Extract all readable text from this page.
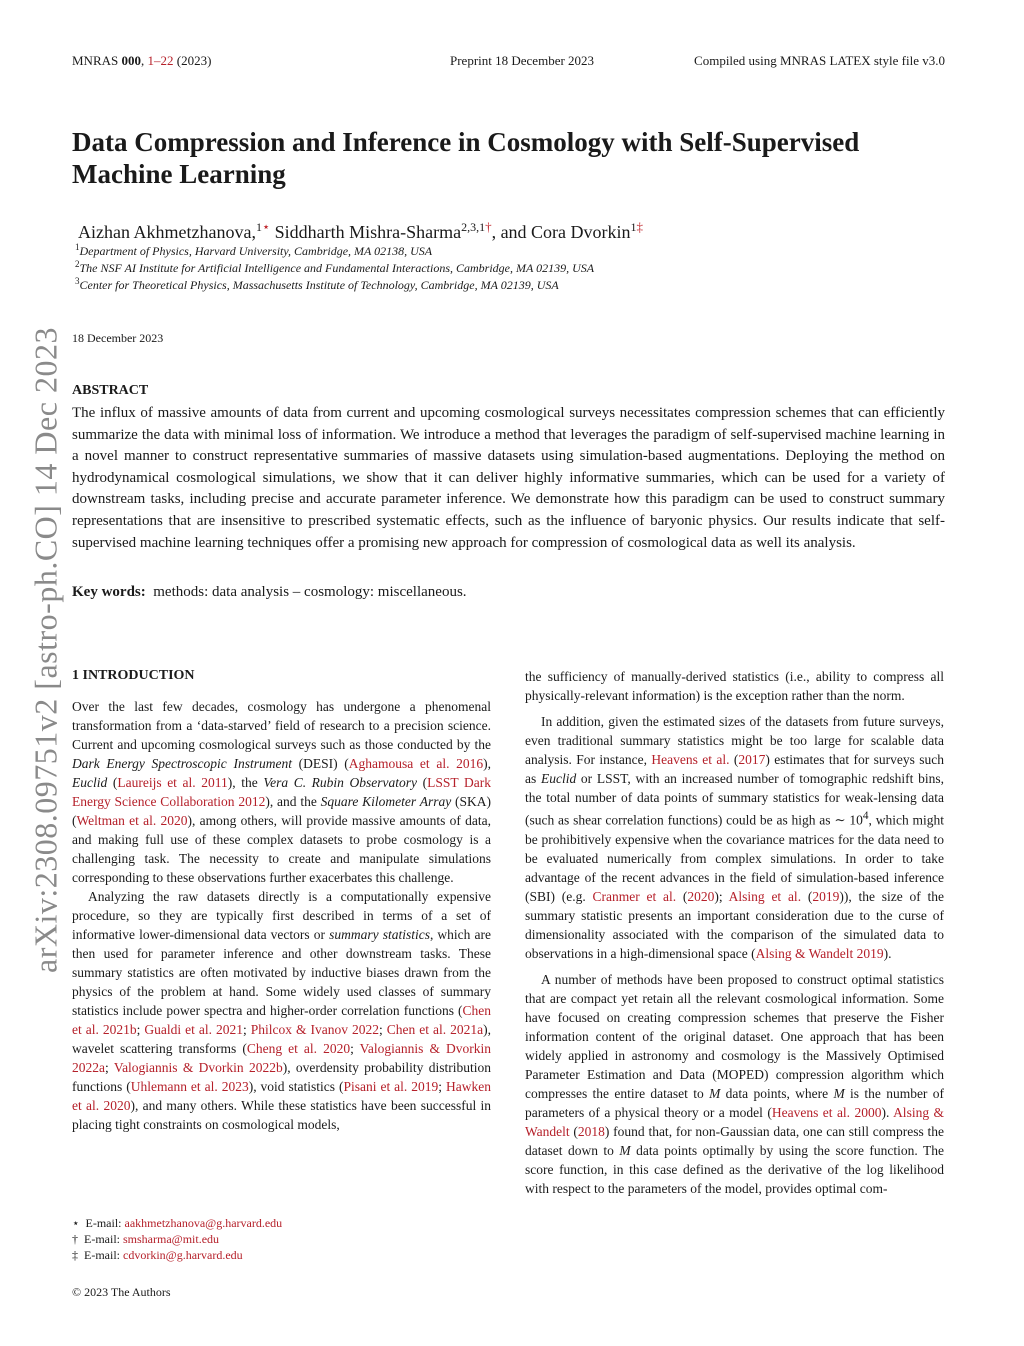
MNRAS 000, 1–22 (2023)	Preprint 18 December 2023	Compiled using MNRAS LATEX style file v3.0
arXiv:2308.09751v2 [astro-ph.CO] 14 Dec 2023
Data Compression and Inference in Cosmology with Self-Supervised Machine Learning
Aizhan Akhmetzhanova,$^{1⋆}$ Siddharth Mishra-Sharma$^{2,3,1\dagger}$, and Cora Dvorkin$^{1\ddagger}$
$^1$Department of Physics, Harvard University, Cambridge, MA 02138, USA
$^2$The NSF AI Institute for Artificial Intelligence and Fundamental Interactions, Cambridge, MA 02139, USA
$^3$Center for Theoretical Physics, Massachusetts Institute of Technology, Cambridge, MA 02139, USA
18 December 2023
ABSTRACT
The influx of massive amounts of data from current and upcoming cosmological surveys necessitates compression schemes that can efficiently summarize the data with minimal loss of information. We introduce a method that leverages the paradigm of self-supervised machine learning in a novel manner to construct representative summaries of massive datasets using simulation-based augmentations. Deploying the method on hydrodynamical cosmological simulations, we show that it can deliver highly informative summaries, which can be used for a variety of downstream tasks, including precise and accurate parameter inference. We demonstrate how this paradigm can be used to construct summary representations that are insensitive to prescribed systematic effects, such as the influence of baryonic physics. Our results indicate that self-supervised machine learning techniques offer a promising new approach for compression of cosmological data as well its analysis.
Key words: methods: data analysis – cosmology: miscellaneous.
1 INTRODUCTION

Over the last few decades, cosmology has undergone a phenomenal transformation from a ‘data-starved’ field of research to a precision science. Current and upcoming cosmological surveys such as those conducted by the Dark Energy Spectroscopic Instrument (DESI) (Aghamousa et al. 2016), Euclid (Laureijs et al. 2011), the Vera C. Rubin Observatory (LSST Dark Energy Science Collaboration 2012), and the Square Kilometer Array (SKA) (Weltman et al. 2020), among others, will provide massive amounts of data, and making full use of these complex datasets to probe cosmology is a challenging task. The necessity to create and manipulate simulations corresponding to these observations further exacerbates this challenge.

Analyzing the raw datasets directly is a computationally expensive procedure, so they are typically first described in terms of a set of informative lower-dimensional data vectors or summary statistics, which are then used for parameter inference and other downstream tasks. These summary statistics are often motivated by inductive biases drawn from the physics of the problem at hand. Some widely used classes of summary statistics include power spectra and higher-order correlation functions (Chen et al. 2021b; Gualdi et al. 2021; Philcox & Ivanov 2022; Chen et al. 2021a), wavelet scattering transforms (Cheng et al. 2020; Valogiannis & Dvorkin 2022a; Valogiannis & Dvorkin 2022b), overdensity probability distribution functions (Uhlemann et al. 2023), void statistics (Pisani et al. 2019; Hawken et al. 2020), and many others. While these statistics have been successful in placing tight constraints on cosmological models,

the sufficiency of manually-derived statistics (i.e., ability to compress all physically-relevant information) is the exception rather than the norm.

In addition, given the estimated sizes of the datasets from future surveys, even traditional summary statistics might be too large for scalable data analysis. For instance, Heavens et al. (2017) estimates that for surveys such as Euclid or LSST, with an increased number of tomographic redshift bins, the total number of data points of summary statistics for weak-lensing data (such as shear correlation functions) could be as high as ∼ $10^4$, which might be prohibitively expensive when the covariance matrices for the data need to be evaluated numerically from complex simulations. In order to take advantage of the recent advances in the field of simulation-based inference (SBI) (e.g. Cranmer et al. (2020); Alsing et al. (2019)), the size of the summary statistic presents an important consideration due to the curse of dimensionality associated with the comparison of the simulated data to observations in a high-dimensional space (Alsing & Wandelt 2019).

A number of methods have been proposed to construct optimal statistics that are compact yet retain all the relevant cosmological information. Some have focused on creating compression schemes that preserve the Fisher information content of the original dataset. One approach that has been widely applied in astronomy and cosmology is the Massively Optimised Parameter Estimation and Data (MOPED) compression algorithm which compresses the entire dataset to M data points, where M is the number of parameters of a physical theory or a model (Heavens et al. 2000). Alsing & Wandelt (2018) found that, for non-Gaussian data, one can still compress the dataset down to M data points optimally by using the score function. The score function, in this case defined as the derivative of the log likelihood with respect to the parameters of the model, provides optimal com-

⋆ E-mail: aakhmetzhanova@g.harvard.edu
† E-mail: smsharma@mit.edu
‡ E-mail: cdvorkin@g.harvard.edu
© 2023 The Authors
